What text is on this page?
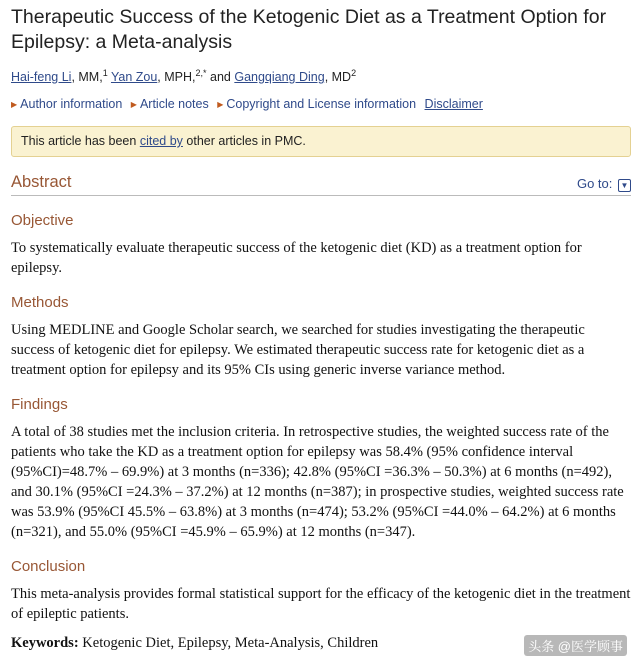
Therapeutic Success of the Ketogenic Diet as a Treatment Option for Epilepsy: a Meta-analysis
Hai-feng Li, MM,$^1$ Yan Zou, MPH,$^{2,*}$ and Gangqiang Ding, $MD^2$
▶ Author information ▶ Article notes ▶ Copyright and License information Disclaimer
This article has been cited by other articles in PMC.
Abstract	Go to: ▼
Objective
To systematically evaluate therapeutic success of the ketogenic diet (KD) as a treatment option for epilepsy.
Methods
Using MEDLINE and Google Scholar search, we searched for studies investigating the therapeutic success of ketogenic diet for epilepsy. We estimated therapeutic success rate for ketogenic diet as a treatment option for epilepsy and its 95% CIs using generic inverse variance method.
Findings
A total of 38 studies met the inclusion criteria. In retrospective studies, the weighted success rate of the patients who take the KD as a treatment option for epilepsy was 58.4% (95% confidence interval (95%CI)=48.7% – 69.9%) at 3 months (n=336); 42.8% (95%CI =36.3% – 50.3%) at 6 months (n=492), and 30.1% (95%CI =24.3% – 37.2%) at 12 months (n=387); in prospective studies, weighted success rate was 53.9% (95%CI 45.5% – 63.8%) at 3 months (n=474); 53.2% (95%CI =44.0% – 64.2%) at 6 months (n=321), and 55.0% (95%CI =45.9% – 65.9%) at 12 months (n=347).
Conclusion
This meta-analysis provides formal statistical support for the efficacy of the ketogenic diet in the treatment of epileptic patients.
Keywords: Ketogenic Diet, Epilepsy, Meta-Analysis, Children	头条 @医学顾事
